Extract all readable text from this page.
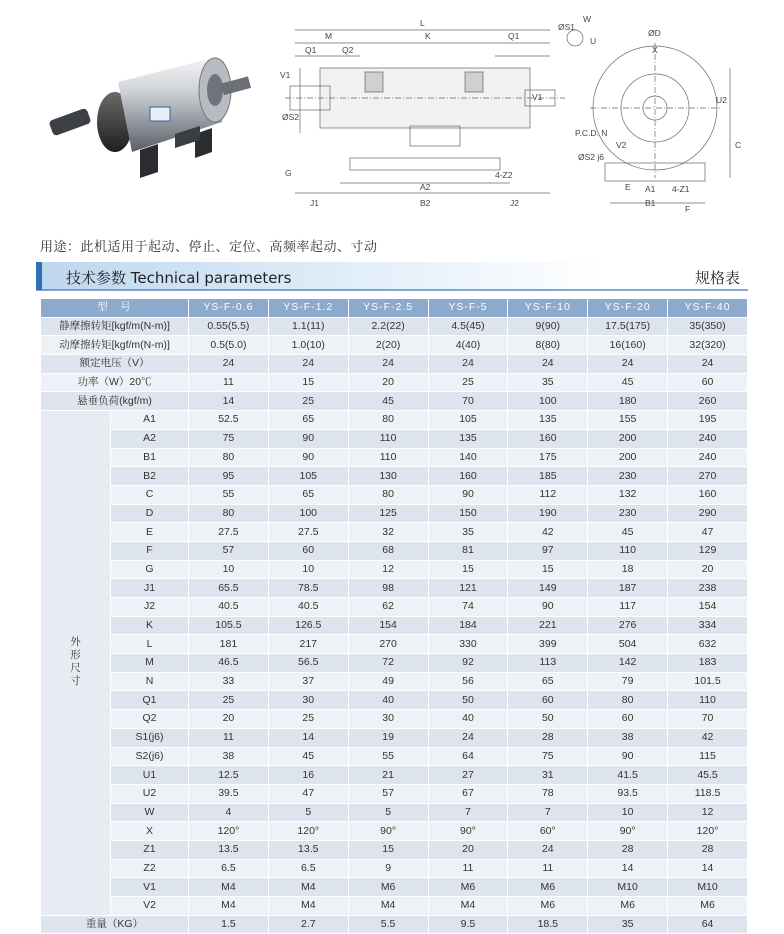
L
M	K
Q1	Q2
Q1
V1
V1
ØS2
G
A2
B2
J1	J2
4-Z2
ØS1
W
U
ØD
X
U2
V2
P.C.D. N
ØS2 j6
C
E A1 4-Z1
B1
F
用途：此机适用于起动、停止、定位、高频率起动、寸动
技术参数 Technical parameters	规格表
型　号		YS-F-0.6	YS-F-1.2	YS-F-2.5	YS-F-5	YS-F-10	YS-F-20	YS-F-40
静摩擦转矩[kgf/m(N-m)]		0.55(5.5)	1.1(11)	2.2(22)	4.5(45)	9(90)	17.5(175)	35(350)
动摩擦转矩[kgf/m(N-m)]		0.5(5.0)	1.0(10)	2(20)	4(40)	8(80)	16(160)	32(320)
额定电压（V）		24	24	24	24	24	24	24
功率（W）20℃		11	15	20	25	35	45	60
悬垂负荷(kgf/m)		14	25	45	70	100	180	260
外形尺寸	A1	52.5	65	80	105	135	155	195
	A2	75	90	110	135	160	200	240
	B1	80	90	110	140	175	200	240
	B2	95	105	130	160	185	230	270
	C	55	65	80	90	112	132	160
	D	80	100	125	150	190	230	290
	E	27.5	27.5	32	35	42	45	47
	F	57	60	68	81	97	110	129
	G	10	10	12	15	15	18	20
	J1	65.5	78.5	98	121	149	187	238
	J2	40.5	40.5	62	74	90	117	154
	K	105.5	126.5	154	184	221	276	334
	L	181	217	270	330	399	504	632
	M	46.5	56.5	72	92	113	142	183
	N	33	37	49	56	65	79	101.5
	Q1	25	30	40	50	60	80	110
	Q2	20	25	30	40	50	60	70
	S1(j6)	11	14	19	24	28	38	42
	S2(j6)	38	45	55	64	75	90	115
	U1	12.5	16	21	27	31	41.5	45.5
	U2	39.5	47	57	67	78	93.5	118.5
	W	4	5	5	7	7	10	12
	X	120°	120°	90°	90°	60°	90°	120°
	Z1	13.5	13.5	15	20	24	28	28
	Z2	6.5	6.5	9	11	11	14	14
	V1	M4	M4	M6	M6	M6	M10	M10
	V2	M4	M4	M4	M4	M6	M6	M6
重量（KG）		1.5	2.7	5.5	9.5	18.5	35	64
